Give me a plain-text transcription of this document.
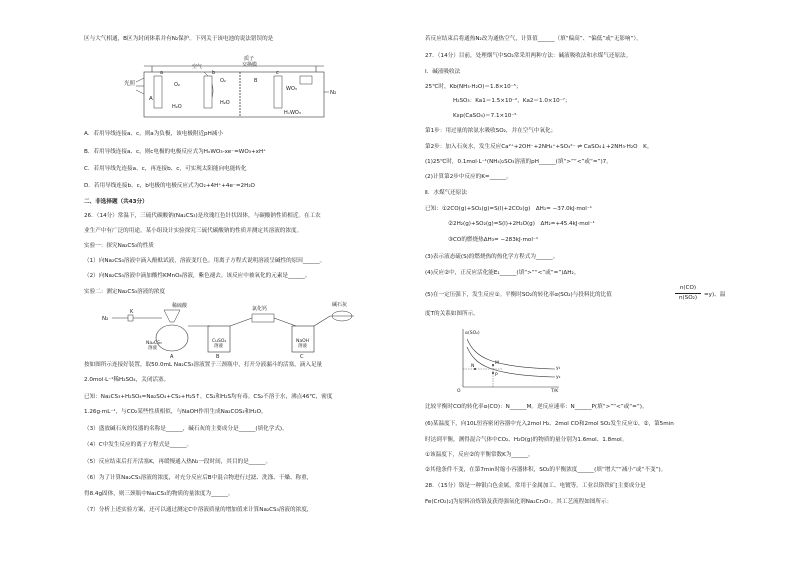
区与大气相通，B区为封闭体系并有N₂保护。下列关于该电池的说法错误的是
光照
A
O₂
H₂O
空气
O₂
H₂O
质子交换膜
B
WO₃
HₓWO₃
N₂
a	b	c
A．若用导线连接a、c，则a为负极，该电极附近pH减小
B．若用导线连接a、c，则c电极的电极反应式为HₓWO₃-xe⁻=WO₃+xH⁺
C．若用导线先连接a、c，再连接b、c，可实现太阳能向电能转化
D．若用导线连接b、c，b电极的电极反应式为O₂+4H⁺+4e⁻=2H₂O
二、非选择题（共43分）
26．（14分）常温下，三硫代碳酸钠(Na₂CS₃)是玫瑰红色针状固体，与碳酸钠性质相近。在工农
业生产中有广泛的用途。某小组设计实验探究三硫代碳酸钠的性质并测定其溶液的浓度。
实验一：探究Na₂CS₃的性质
（1）向Na₂CS₃溶液中滴入酚酞试液，溶液变红色。用离子方程式说明溶液呈碱性的原因______。
（2）向Na₂CS₃溶液中滴加酸性KMnO₄溶液，紫色褪去。该反应中被氧化的元素是______。
实验二：测定Na₂CS₃溶液的浓度
N₂
K
稀硫酸
Na₂CS₃ 溶液
A
CuSO₄ 溶液
B
氯化钙
NaOH 溶液
C
碱石灰
按如图所示连接好装置，取50.0mL Na₂CS₃溶液置于三颈瓶中，打开分液漏斗的活塞，滴入足量
2.0mol·L⁻¹稀H₂SO₄，关闭活塞。
已知：Na₂CS₃+H₂SO₄=Na₂SO₄+CS₂+H₂S↑。CS₂和H₂S均有毒。CS₂不溶于水，沸点46℃，密度
1.26g·mL⁻¹，与CO₂某些性质相似，与NaOH作用生成Na₂COS₂和H₂O。
（3）盛放碱石灰的仪器的名称是______，碱石灰的主要成分是______(填化学式)。
（4）C中发生反应的离子方程式是______。
（5）反应结束后打开活塞K，再缓慢通入热N₂一段时间，其目的是______。
（6）为了计算Na₂CS₃溶液的浓度，对充分反应后B中混合物进行过滤、洗涤、干燥、称重，
得8.4g固体，则三颈瓶中Na₂CS₃的物质的量浓度为______。
（7）分析上述实验方案，还可以通过测定C中溶液质量的增加值来计算Na₂CS₃溶液的浓度，
若反应结束后将通热N₂改为通热空气，计算值______（填“偏高”、“偏低”或“无影响”）。
27．（14分）目前，处理烟气中SO₂常采用两种方法：碱液吸收法和水煤气还原法。
Ⅰ．碱液吸收法
25℃时，Kb(NH₃·H₂O)＝1.8×10⁻⁵；
H₂SO₃：Ka1＝1.5×10⁻²，Ka2＝1.0×10⁻⁷；
Ksp(CaSO₄)＝7.1×10⁻⁵
第1步：用过量的浓氨水吸收SO₂，并在空气中氧化；
第2步：加入石灰水，发生反应Ca²⁺+2OH⁻+2NH₄⁺+SO₄²⁻ ⇌ CaSO₄↓+2NH₃·H₂O　K。
(1)25℃时，0.1mol·L⁻¹(NH₄)₂SO₃溶液的pH______(填“>”“<”或“=”)7。
(2)计算第2步中反应的K=______。
Ⅱ．水煤气还原法
已知：①2CO(g)+SO₂(g)=S(l)+2CO₂(g)　ΔH₁= −37.0kJ·mol⁻¹
②2H₂(g)+SO₂(g)=S(l)+2H₂O(g)　ΔH₂=+45.4kJ·mol⁻¹
③CO的燃烧热ΔH₃= −283kJ·mol⁻¹
(3)表示液态硫(S)的燃烧热的热化学方程式为______。
(4)反应②中，正反应活化能E₁______(填“>”“<”或“=”)ΔH₂。
(5)在一定压强下，发生反应①。平衡时SO₂的转化率α(SO₂)与投料比的比值
n(CO)
n(SO₂)	=y)、温
度T的关系如图所示。
α(SO₂)
T/K
O
y₁
y₂
M
P
N
比较平衡时CO的转化率α(CO)：N______M。逆反应速率：N______P(填“>”“<”或“=”)。
(6)某温度下，向10L恒容密闭容器中充入2mol H₂、2mol CO和2mol SO₂发生反应①、②，第5min
时达到平衡，测得混合气体中CO₂、H₂O(g)的物质的量分别为1.6mol、1.8mol。
①该温度下，反应②的平衡常数K为______。
②其他条件不变，在第7min时缩小容器体积，SO₂的平衡浓度______(填“增大”“减小”或“不变”)。
28．（15分）铬是一种银白色金属，常用于金属加工、电镀等。工业以铬铁矿[主要成分是
Fe(CrO₂)₂]为原料冶炼铬及获得强氧化剂Na₂Cr₂O₇。其工艺流程如图所示：
